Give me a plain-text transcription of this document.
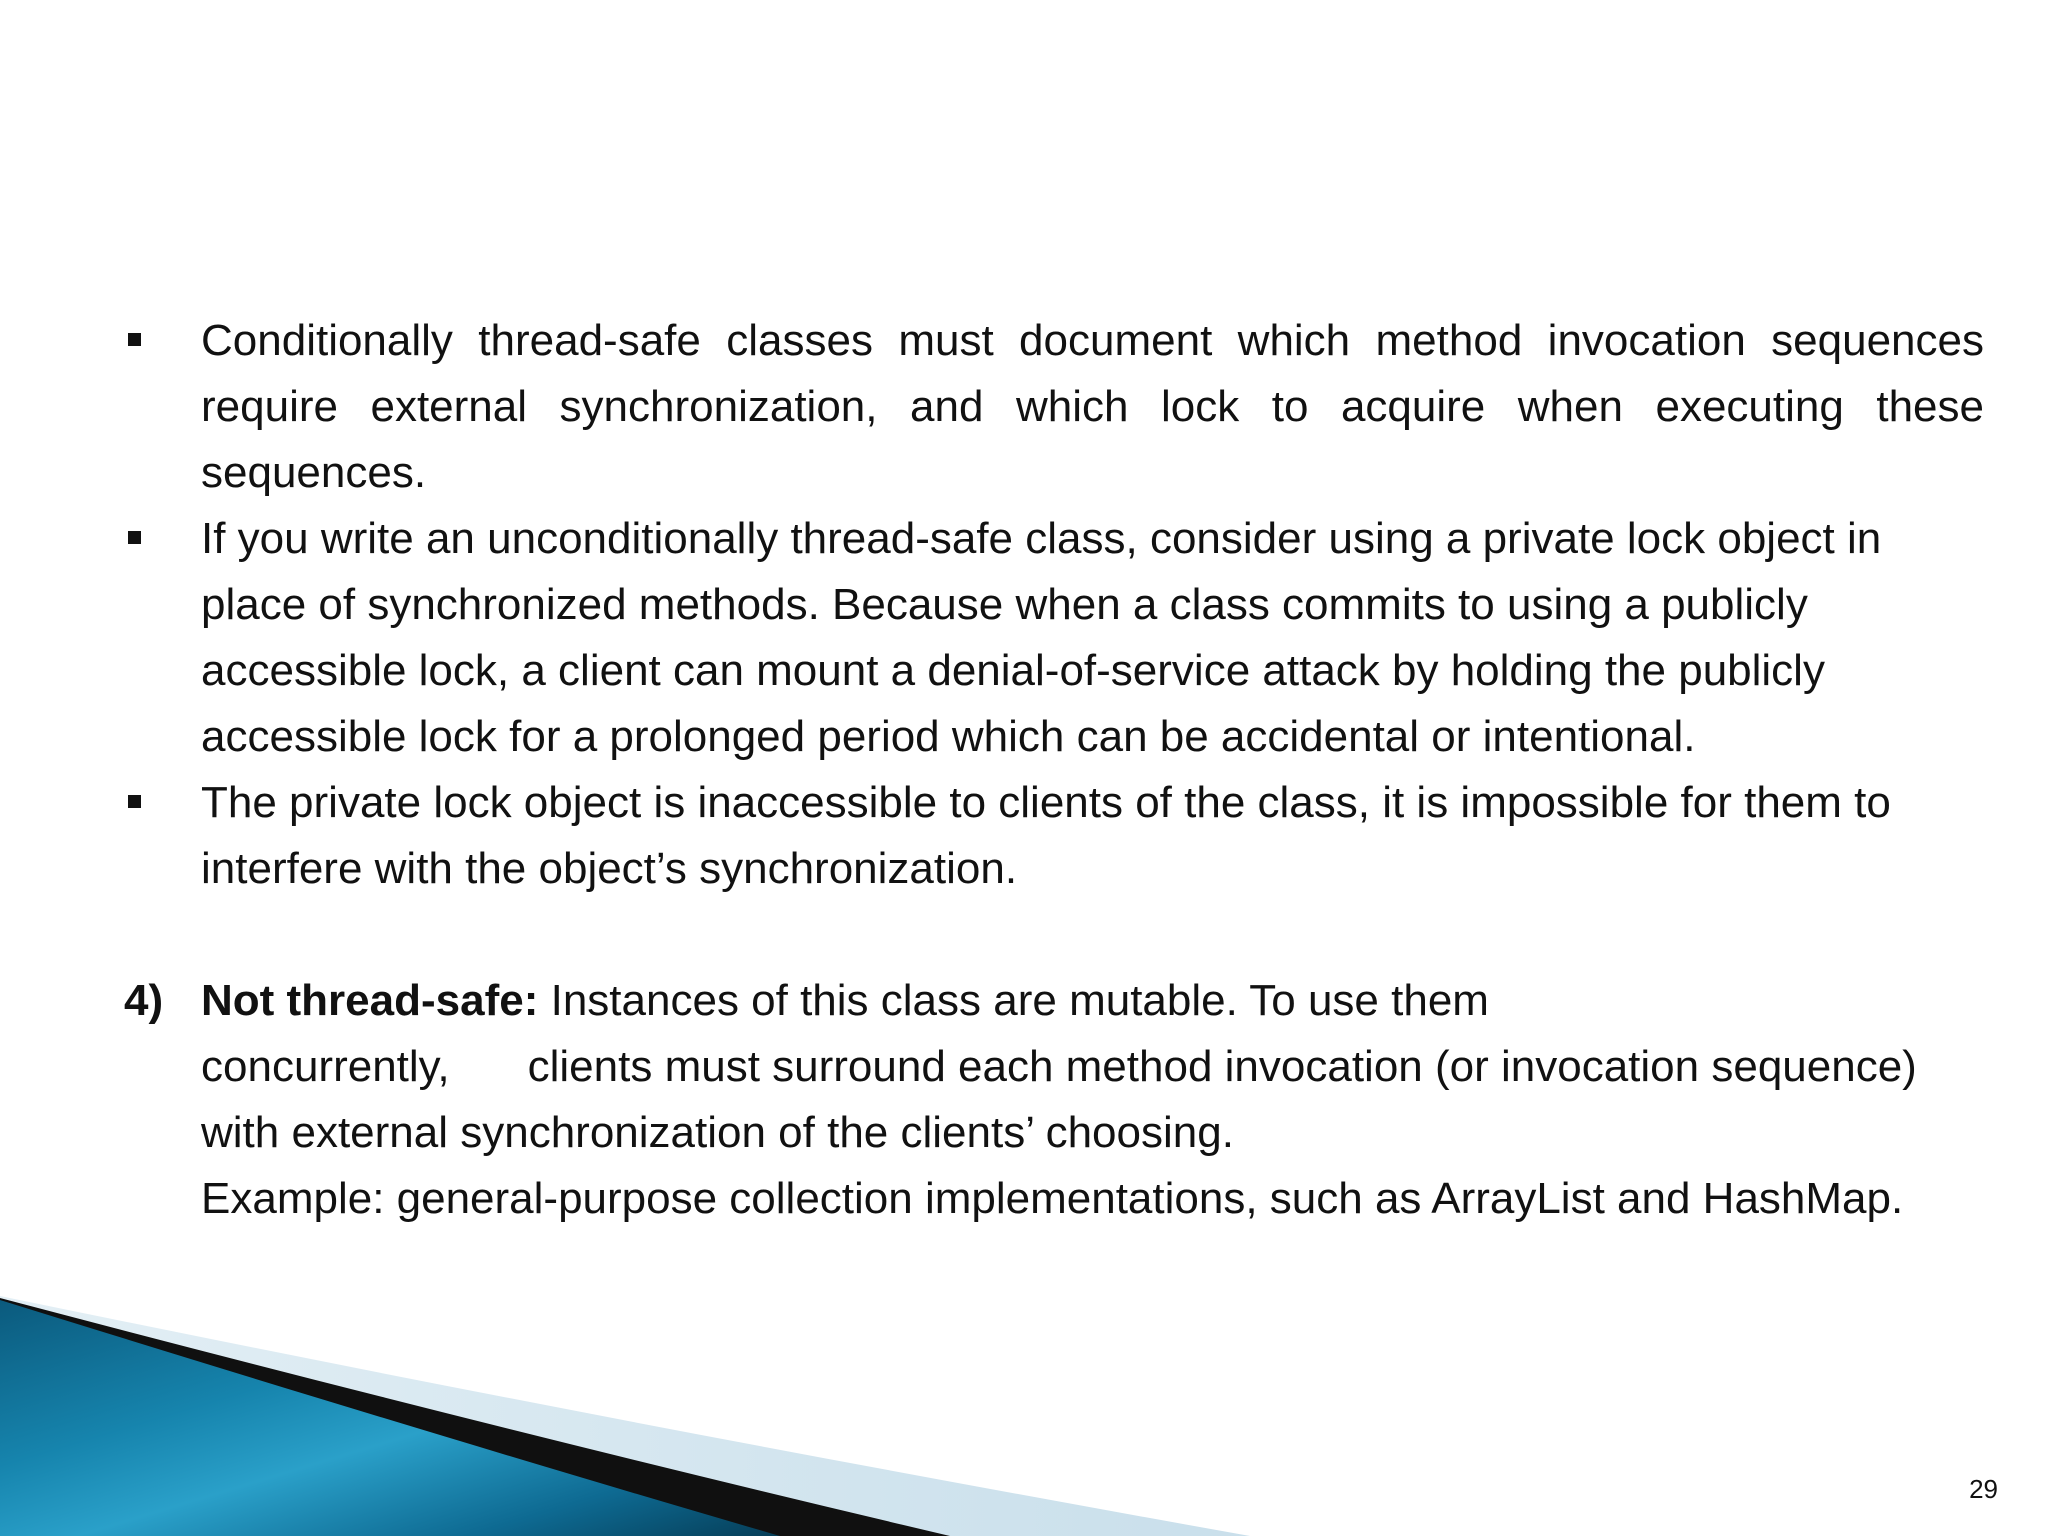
Conditionally thread-safe classes must document which method invocation sequences require external synchronization, and which lock to acquire when executing these sequences.
If you write an unconditionally thread-safe class, consider using a private lock object in place of synchronized methods. Because when a class commits to using a publicly accessible lock, a client can mount a denial-of-service attack by holding the publicly accessible lock for a prolonged period which can be accidental or intentional.
The private lock object is inaccessible to clients of the class, it is impossible for them to interfere with the object’s synchronization.
4) Not thread-safe: Instances of this class are mutable. To use them
concurrently, clients must surround each method invocation (or invocation sequence)
with external synchronization of the clients’ choosing.
Example: general-purpose collection implementations, such as ArrayList and HashMap.
29
